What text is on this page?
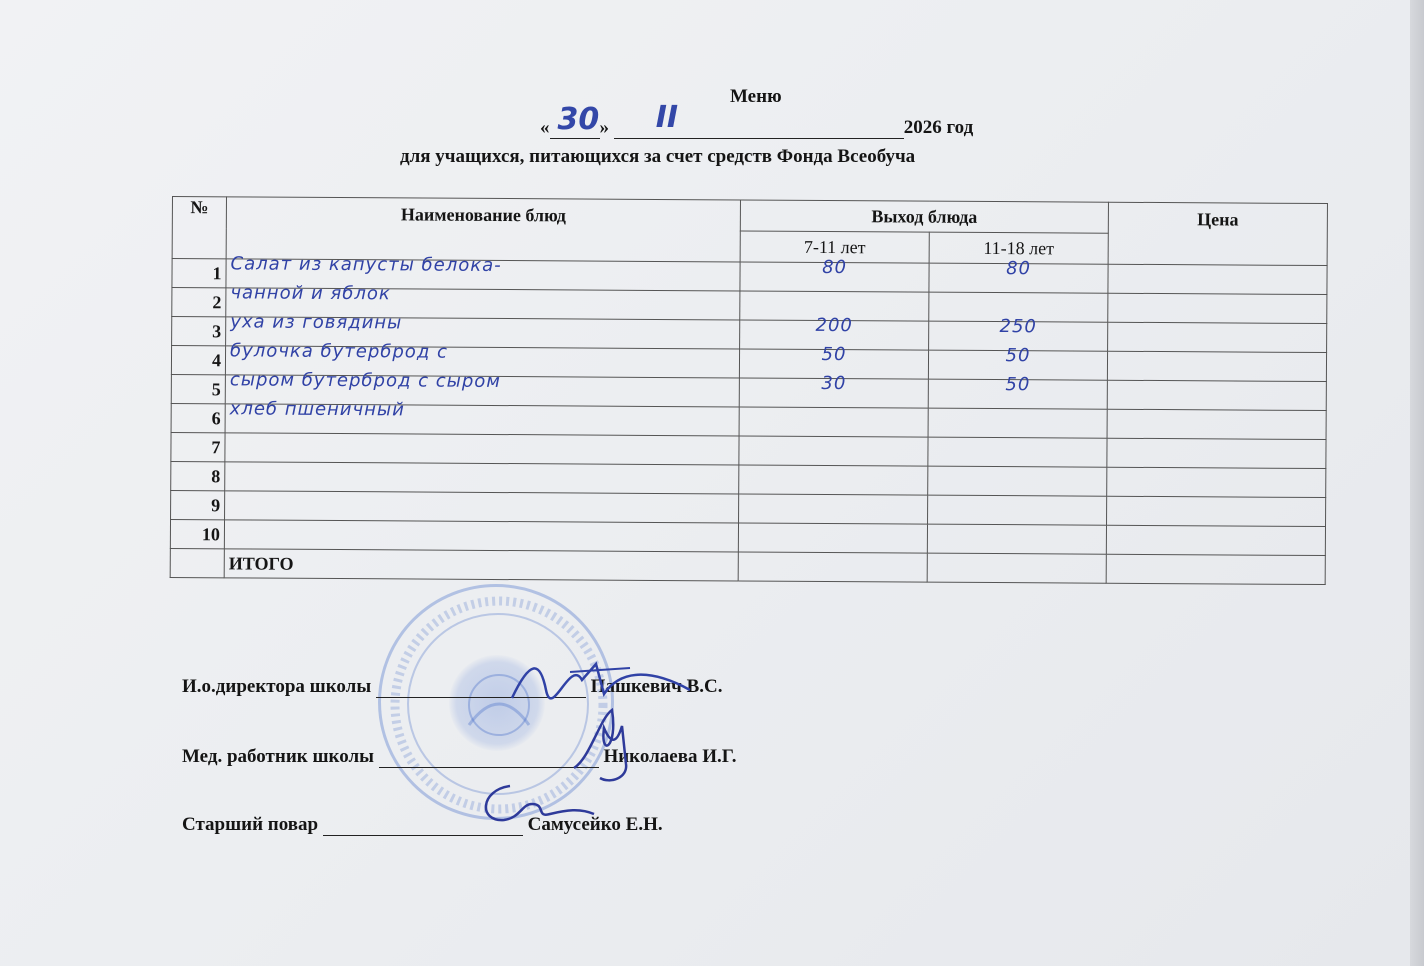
Меню
« 30 » II	2026 год
для учащихся, питающихся за счет средств Фонда Всеобуча
№	Наименование блюд	Выход блюда		Цена
		7-11 лет	11-18 лет	
1	Салат из капусты белока-	80	80	
2	чанной и яблок			
3	уха из говядины	200	250	
4	булочка бутерброд с	50	50	
5	сыром бутерброд с сыром	30	50	
6	хлеб пшеничный			
7				
8				
9				
10				
	ИТОГО			
И.о.директора школы	Пашкевич В.С.
Мед. работник школы	Николаева И.Г.
Старший повар	Самусейко Е.Н.
